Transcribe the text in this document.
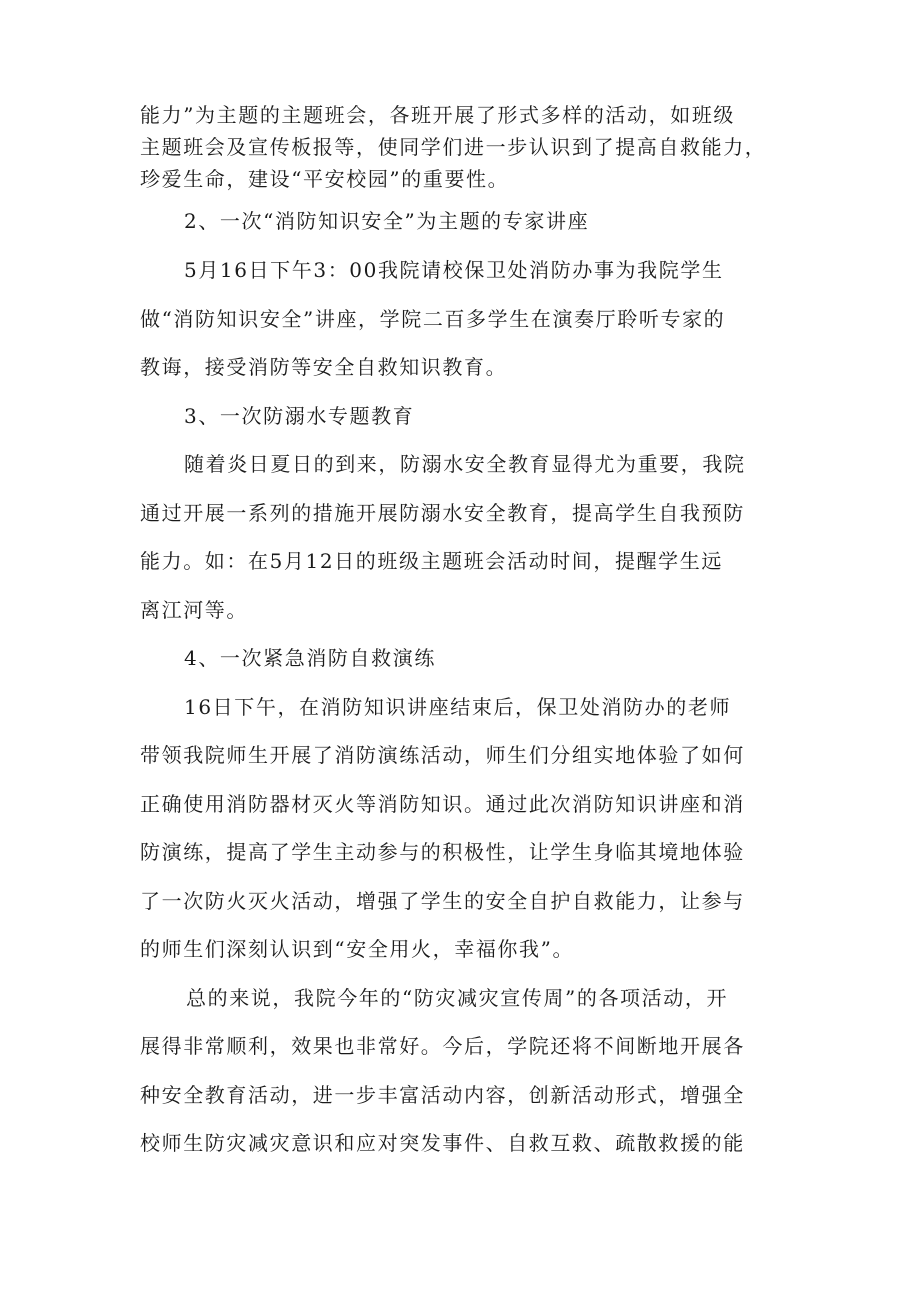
能力”为主题的主题班会，各班开展了形式多样的活动，如班级
主题班会及宣传板报等，使同学们进一步认识到了提高自救能力，
珍爱生命，建设“平安校园”的重要性。
2、一次“消防知识安全”为主题的专家讲座
5月16日下午3：00我院请校保卫处消防办事为我院学生
做“消防知识安全”讲座，学院二百多学生在演奏厅聆听专家的
教诲，接受消防等安全自救知识教育。
3、一次防溺水专题教育
随着炎日夏日的到来，防溺水安全教育显得尤为重要，我院
通过开展一系列的措施开展防溺水安全教育，提高学生自我预防
能力。如：在5月12日的班级主题班会活动时间，提醒学生远
离江河等。
4、一次紧急消防自救演练
16日下午，在消防知识讲座结束后，保卫处消防办的老师
带领我院师生开展了消防演练活动，师生们分组实地体验了如何
正确使用消防器材灭火等消防知识。通过此次消防知识讲座和消
防演练，提高了学生主动参与的积极性，让学生身临其境地体验
了一次防火灭火活动，增强了学生的安全自护自救能力，让参与
的师生们深刻认识到“安全用火，幸福你我”。
总的来说，我院今年的“防灾减灾宣传周”的各项活动，开
展得非常顺利，效果也非常好。今后，学院还将不间断地开展各
种安全教育活动，进一步丰富活动内容，创新活动形式，增强全
校师生防灾减灾意识和应对突发事件、自救互救、疏散救援的能
